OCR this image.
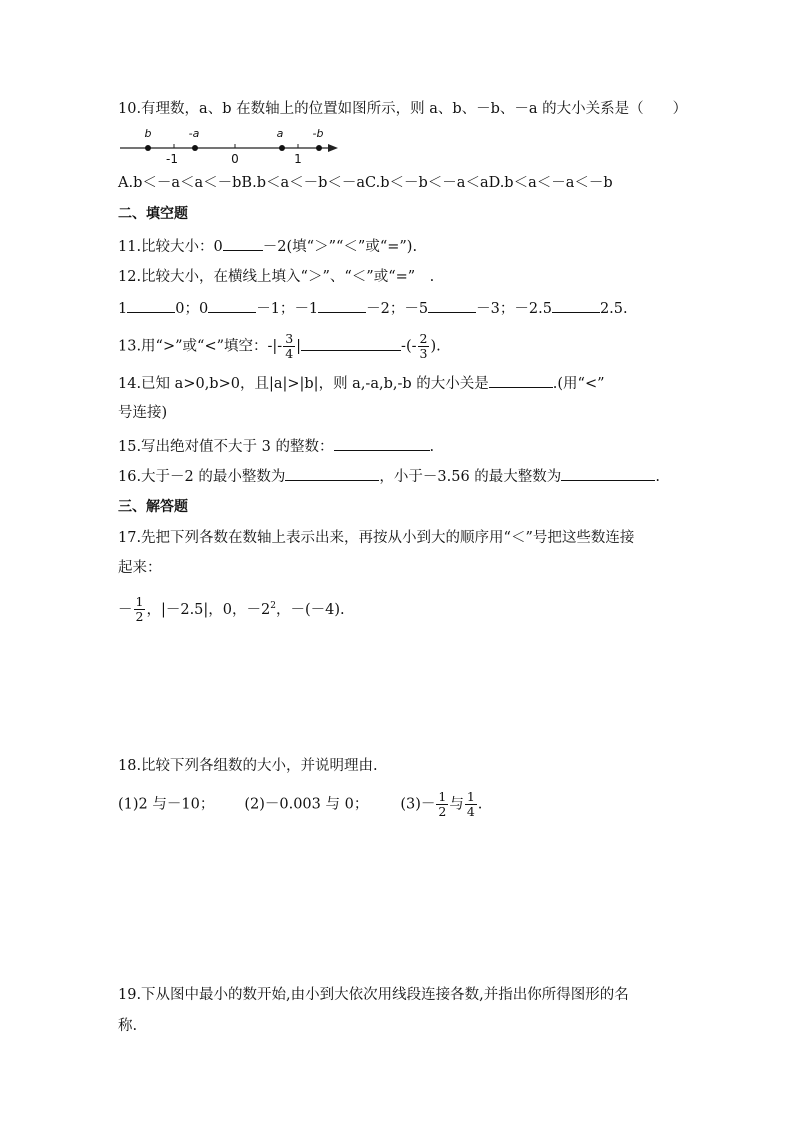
10.有理数，a、b 在数轴上的位置如图所示，则 a、b、－b、－a 的大小关系是（　　）
b	-a	a	-b
-1	0	1
A.b＜－a＜a＜－bB.b＜a＜－b＜－aC.b＜－b＜－a＜aD.b＜a＜－a＜－b
二、填空题
11.比较大小：0	－2(填“＞”“＜”或“=”).
12.比较大小，在横线上填入“＞”、“＜”或“=”　.
1	0；0	－1；－1	－2；－5	－3；－2.5	2.5.
13.用“>”或“<”填空：-|- $\frac{3}{4}$ |	-(- $\frac{2}{3}$ ).
14.已知 a>0,b>0，且|a|>|b|，则 a,-a,b,-b 的大小关是	.(用“<”
号连接)
15.写出绝对值不大于 3 的整数：	.
16.大于－2 的最小整数为	，小于－3.56 的最大整数为	.
三、解答题
17.先把下列各数在数轴上表示出来，再按从小到大的顺序用“＜”号把这些数连接
起来：
－ $\frac{1}{2}$ ，|－2.5|，0，$-2^2$，－(－4).
18.比较下列各组数的大小，并说明理由.
(1)2 与－10； (2)－0.003 与 0； $(3)- \frac{1}{2}$ 与 $\frac{1}{4}$ .
19.下从图中最小的数开始,由小到大依次用线段连接各数,并指出你所得图形的名
称.
